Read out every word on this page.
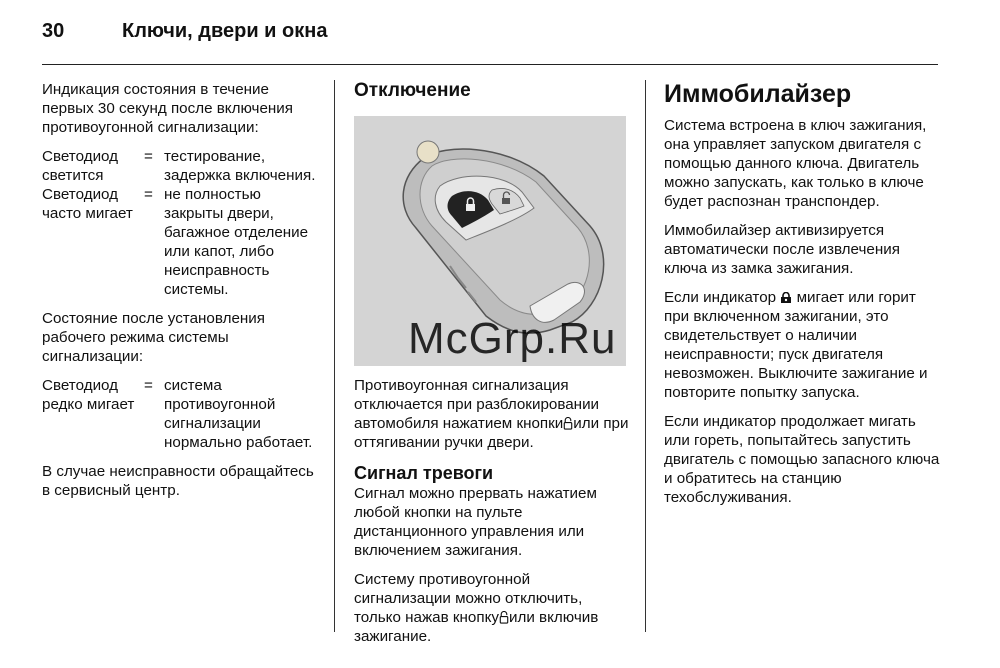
30	Ключи, двери и окна

Индикация состояния в течение первых 30 секунд после включения противоугонной сигнализации:

Светодиод светится
= тестирование, задержка включения.
Светодиод часто мигает
= не полностью закрыты двери, багажное отделение или капот, либо неисправность системы.

Состояние после установления рабочего режима системы сигнализации:

Светодиод редко мигает
= система противоугонной сигнализации нормально работает.

В случае неисправности обращайтесь в сервисный центр.

Отключение

Противоугонная сигнализация отключается при разблокировании автомобиля нажатием кнопки или при оттягивании ручки двери.

Сигнал тревоги

Сигнал можно прервать нажатием любой кнопки на пульте дистанционного управления или включением зажигания.

Систему противоугонной сигнализации можно отключить, только нажав кнопку или включив зажигание.

Иммобилайзер

Система встроена в ключ зажигания, она управляет запуском двигателя с помощью данного ключа. Двигатель можно запускать, как только в ключе будет распознан транспондер.

Иммобилайзер активизируется автоматически после извлечения ключа из замка зажигания.

Если индикатор мигает или горит при включенном зажигании, это свидетельствует о наличии неисправности; пуск двигателя невозможен. Выключите зажигание и повторите попытку запуска.

Если индикатор продолжает мигать или гореть, попытайтесь запустить двигатель с помощью запасного ключа и обратитесь на станцию техобслуживания.

McGrp.Ru
